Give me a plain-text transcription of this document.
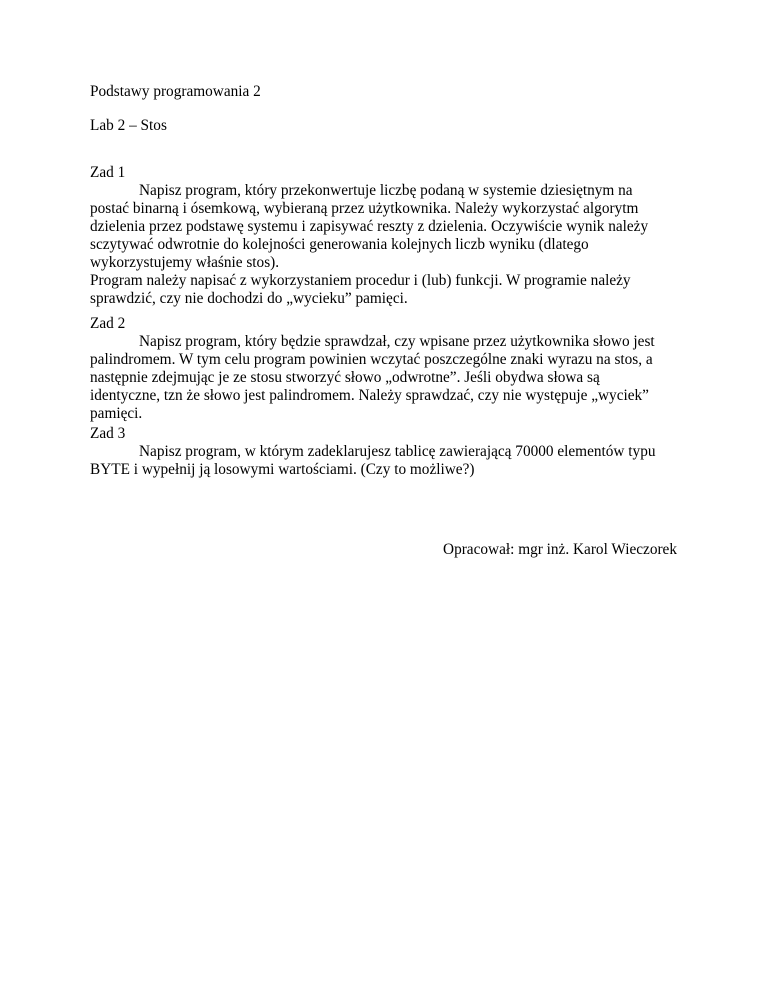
Podstawy programowania 2

Lab 2 – Stos

Zad 1
Napisz program, który przekonwertuje liczbę podaną w systemie dziesiętnym na
postać binarną i ósemkową, wybieraną przez użytkownika. Należy wykorzystać algorytm
dzielenia przez podstawę systemu i zapisywać reszty z dzielenia. Oczywiście wynik należy
sczytywać odwrotnie do kolejności generowania kolejnych liczb wyniku (dlatego
wykorzystujemy właśnie stos).
Program należy napisać z wykorzystaniem procedur i (lub) funkcji. W programie należy
sprawdzić, czy nie dochodzi do „wycieku” pamięci.
Zad 2
Napisz program, który będzie sprawdzał, czy wpisane przez użytkownika słowo jest
palindromem. W tym celu program powinien wczytać poszczególne znaki wyrazu na stos, a
następnie zdejmując je ze stosu stworzyć słowo „odwrotne”. Jeśli obydwa słowa są
identyczne, tzn że słowo jest palindromem. Należy sprawdzać, czy nie występuje „wyciek”
pamięci.
Zad 3
Napisz program, w którym zadeklarujesz tablicę zawierającą 70000 elementów typu
BYTE i wypełnij ją losowymi wartościami. (Czy to możliwe?)

Opracował: mgr inż. Karol Wieczorek
